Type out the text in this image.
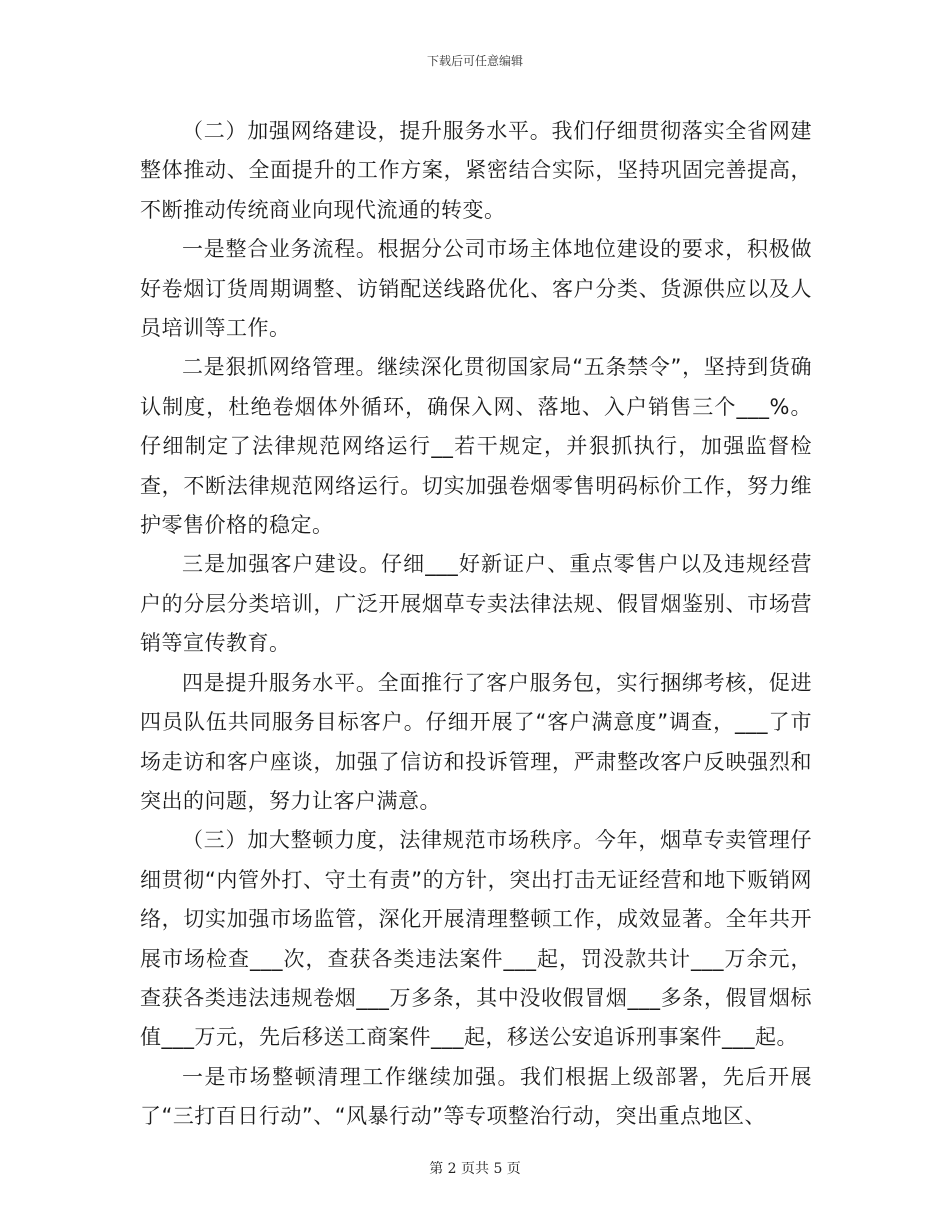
下载后可任意编辑

（二）加强网络建设，提升服务水平。我们仔细贯彻落实全省网建整体推动、全面提升的工作方案，紧密结合实际，坚持巩固完善提高，不断推动传统商业向现代流通的转变。

一是整合业务流程。根据分公司市场主体地位建设的要求，积极做好卷烟订货周期调整、访销配送线路优化、客户分类、货源供应以及人员培训等工作。

二是狠抓网络管理。继续深化贯彻国家局“五条禁令”，坚持到货确认制度，杜绝卷烟体外循环，确保入网、落地、入户销售三个___%。仔细制定了法律规范网络运行__若干规定，并狠抓执行，加强监督检查，不断法律规范网络运行。切实加强卷烟零售明码标价工作，努力维护零售价格的稳定。

三是加强客户建设。仔细___好新证户、重点零售户以及违规经营户的分层分类培训，广泛开展烟草专卖法律法规、假冒烟鉴别、市场营销等宣传教育。

四是提升服务水平。全面推行了客户服务包，实行捆绑考核，促进四员队伍共同服务目标客户。仔细开展了“客户满意度”调查，___了市场走访和客户座谈，加强了信访和投诉管理，严肃整改客户反映强烈和突出的问题，努力让客户满意。

（三）加大整顿力度，法律规范市场秩序。今年，烟草专卖管理仔细贯彻“内管外打、守土有责”的方针，突出打击无证经营和地下贩销网络，切实加强市场监管，深化开展清理整顿工作，成效显著。全年共开展市场检查___次，查获各类违法案件___起，罚没款共计___万余元，查获各类违法违规卷烟___万多条，其中没收假冒烟___多条，假冒烟标值___万元，先后移送工商案件___起，移送公安追诉刑事案件___起。

一是市场整顿清理工作继续加强。我们根据上级部署，先后开展了“三打百日行动”、“风暴行动”等专项整治行动，突出重点地区、

第 2 页共 5 页
